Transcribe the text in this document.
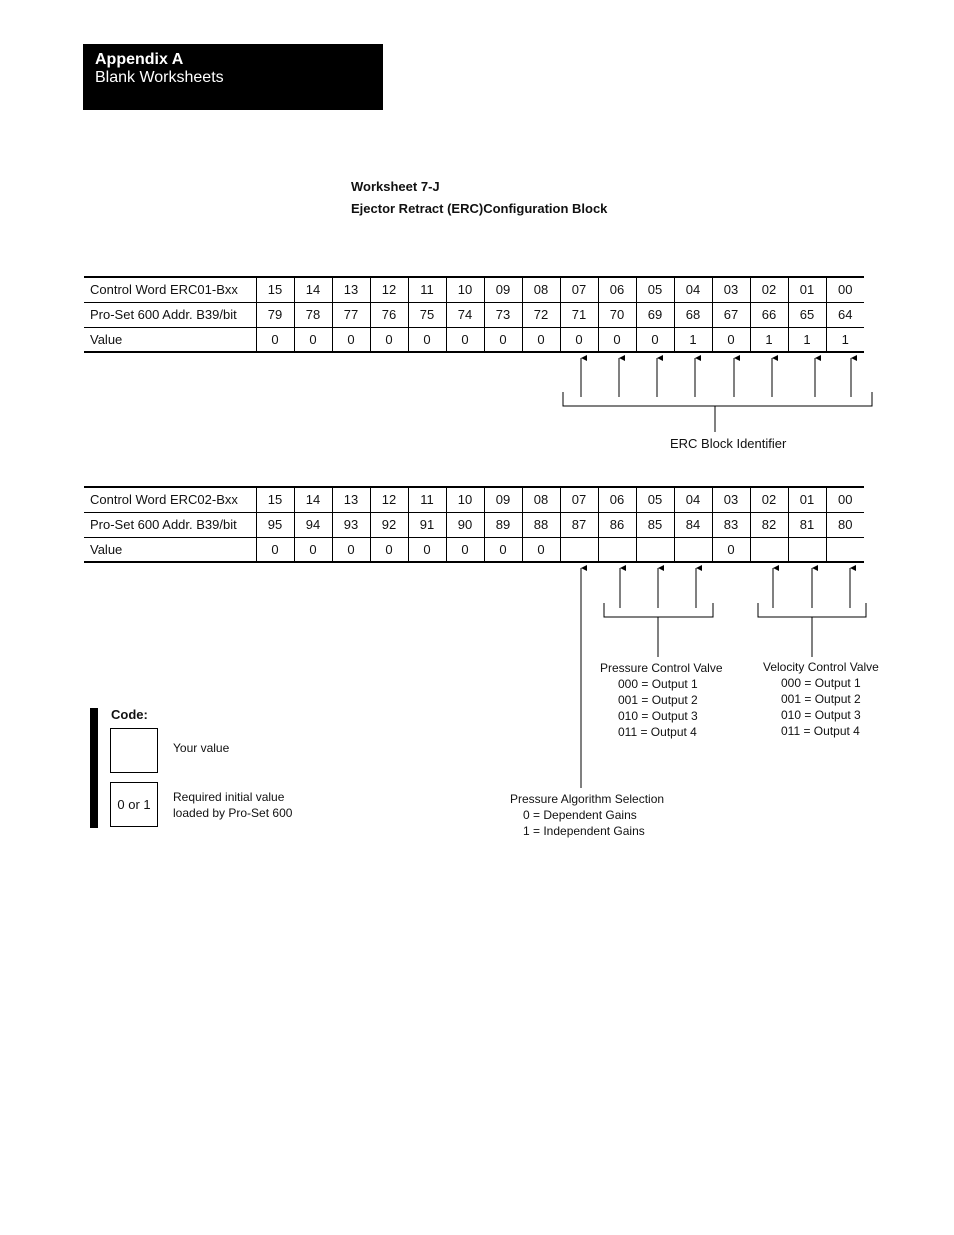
Appendix A
Blank Worksheets
Worksheet 7-J
Ejector Retract (ERC)Configuration Block
Control Word ERC01-Bxx	15	14	13	12	11	10	09	08	07	06	05	04	03	02	01	00
Pro-Set 600 Addr. B39/bit	79	78	77	76	75	74	73	72	71	70	69	68	67	66	65	64
Value	0	0	0	0	0	0	0	0	0	0	0	1	0	1	1	1
Control Word ERC02-Bxx	15	14	13	12	11	10	09	08	07	06	05	04	03	02	01	00
Pro-Set 600 Addr. B39/bit	95	94	93	92	91	90	89	88	87	86	85	84	83	82	81	80
Value	0	0	0	0	0	0	0	0					0			
ERC Block Identifier
Pressure Control Valve
000 = Output 1
001 = Output 2
010 = Output 3
011 = Output 4
Velocity Control Valve
000 = Output 1
001 = Output 2
010 = Output 3
011 = Output 4
Pressure Algorithm Selection
0 = Dependent Gains
1 = Independent Gains
Code:
Your value
0 or 1	Required initial value
loaded by Pro-Set 600
